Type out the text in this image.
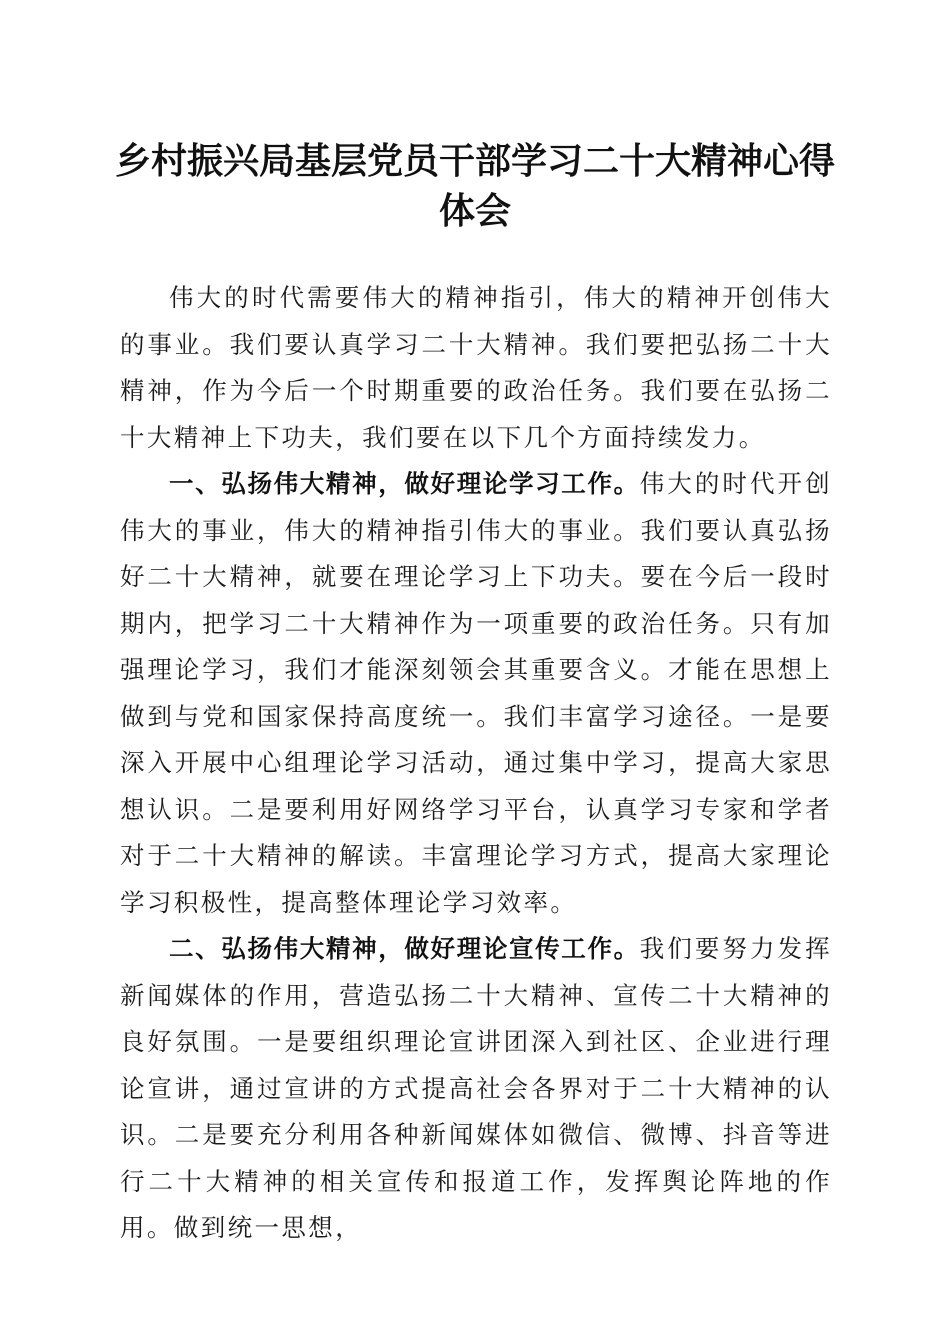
乡村振兴局基层党员干部学习二十大精神心得体会

伟大的时代需要伟大的精神指引，伟大的精神开创伟大的事业。我们要认真学习二十大精神。我们要把弘扬二十大精神，作为今后一个时期重要的政治任务。我们要在弘扬二十大精神上下功夫，我们要在以下几个方面持续发力。

一、弘扬伟大精神，做好理论学习工作。伟大的时代开创伟大的事业，伟大的精神指引伟大的事业。我们要认真弘扬好二十大精神，就要在理论学习上下功夫。要在今后一段时期内，把学习二十大精神作为一项重要的政治任务。只有加强理论学习，我们才能深刻领会其重要含义。才能在思想上做到与党和国家保持高度统一。我们丰富学习途径。一是要深入开展中心组理论学习活动，通过集中学习，提高大家思想认识。二是要利用好网络学习平台，认真学习专家和学者对于二十大精神的解读。丰富理论学习方式，提高大家理论学习积极性，提高整体理论学习效率。

二、弘扬伟大精神，做好理论宣传工作。我们要努力发挥新闻媒体的作用，营造弘扬二十大精神、宣传二十大精神的良好氛围。一是要组织理论宣讲团深入到社区、企业进行理论宣讲，通过宣讲的方式提高社会各界对于二十大精神的认识。二是要充分利用各种新闻媒体如微信、微博、抖音等进行二十大精神的相关宣传和报道工作，发挥舆论阵地的作用。做到统一思想，
